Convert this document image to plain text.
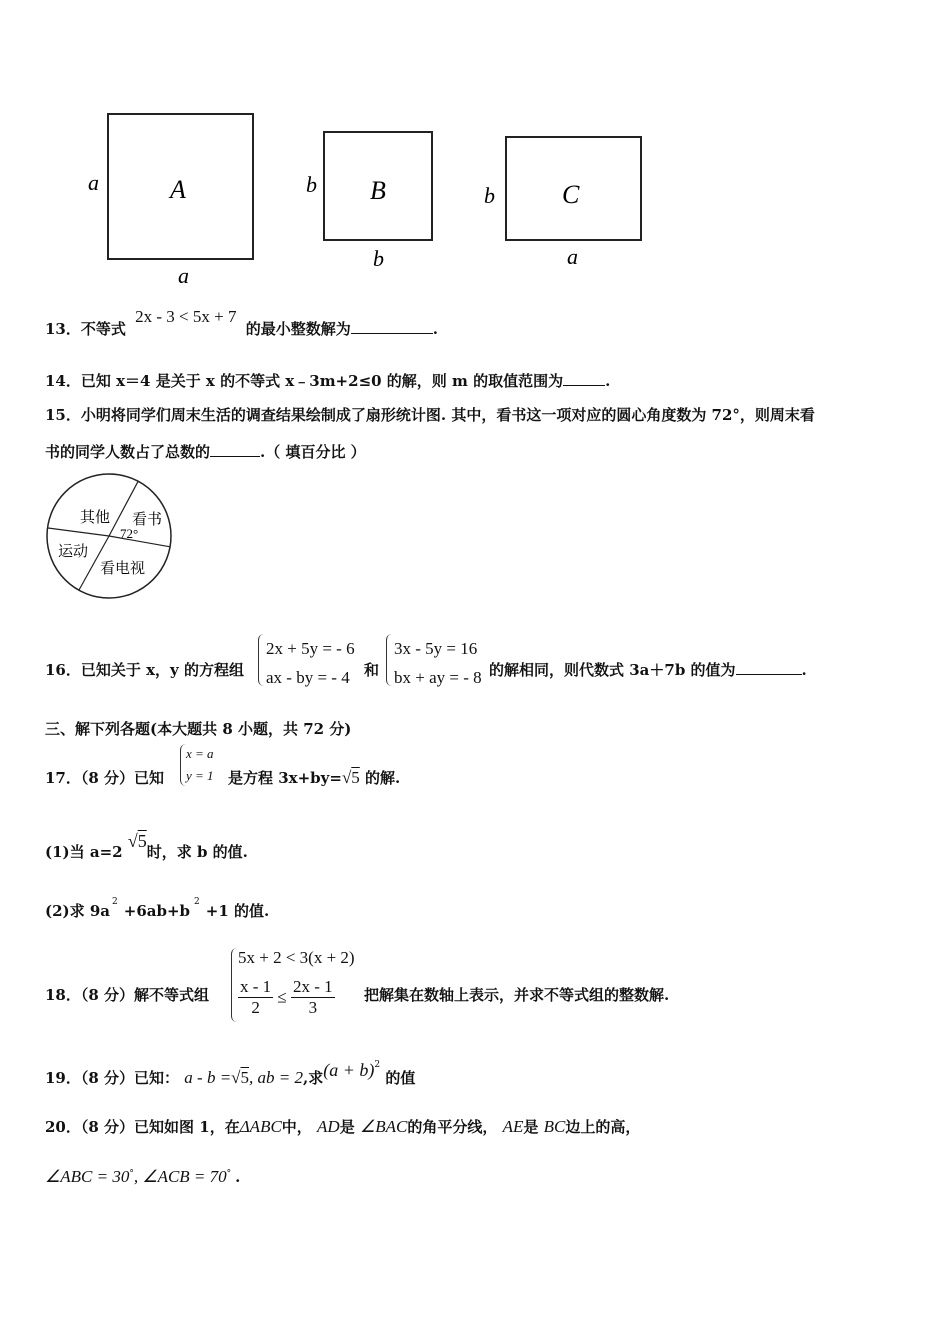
A
a
a
B
b
b
C
b
a
13．不等式 2x - 3 < 5x + 7 的最小整数解为	.
14．已知 x＝4 是关于 x 的不等式 x﹣3m+2≤0 的解，则 m 的取值范围为	.
15．小明将同学们周末生活的调查结果绘制成了扇形统计图. 其中，看书这一项对应的圆心角度数为 72°，则周末看
书的同学人数占了总数的	.（ 填百分比 ）
其他 看书
72°
运动
看电视
16．已知关于 x，y 的方程组
2x + 5y = - 6
ax - by = - 4 和
3x - 5y = 16
bx + ay = - 8 的解相同，则代数式 3a＋7b 的值为	.
三、解下列各题(本大题共 8 小题，共 72 分)
17．（8 分）已知
x = a
y = 1 是方程 3x+by=√5 的解.
(1)当 a=2 √5时，求 b 的值.
(2)求 9a $^2$ +6ab+b $^2$ +1 的值.
18．（8 分）解不等式组
5x + 2 < 3(x + 2)
$\frac{x - 1}{2} \le \frac{2x - 1}{3}$ 把解集在数轴上表示，并求不等式组的整数解.
19．（8 分）已知： a - b =√5, ab = 2,求$(a + b)^2$ 的值
20．（8 分）已知如图 1，在ΔABC中， AD是 ∠BAC的角平分线， AE是 BC边上的高，
∠ABC = 30°, ∠ACB = 70° .
